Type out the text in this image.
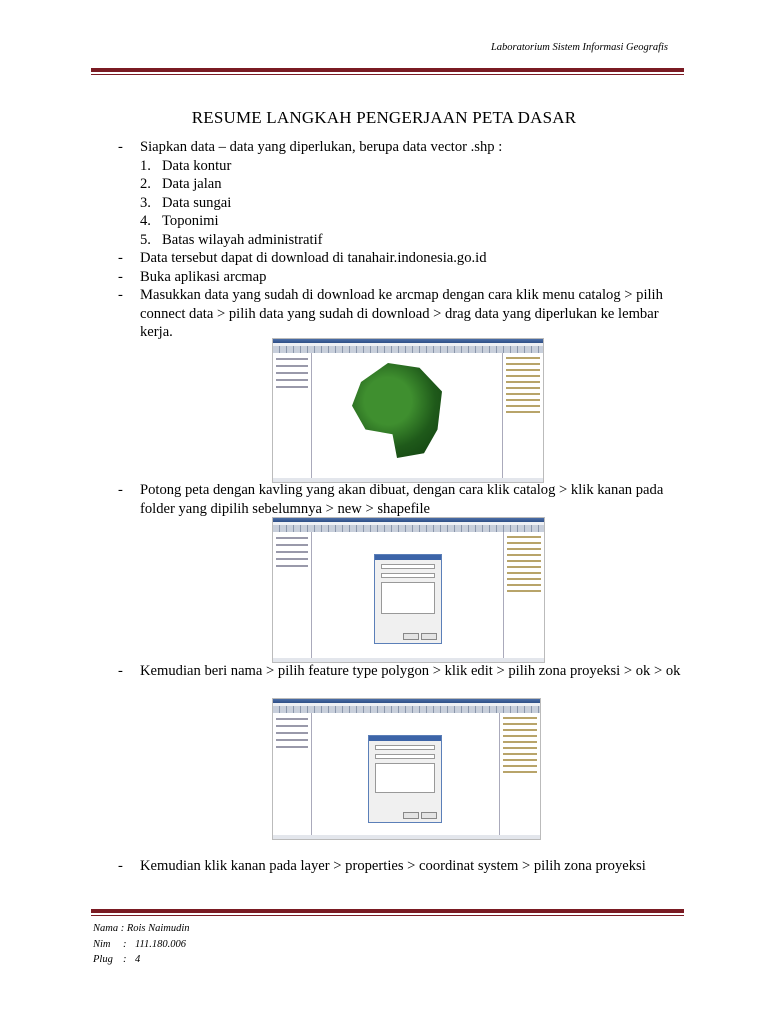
Laboratorium Sistem Informasi Geografis
RESUME LANGKAH PENGERJAAN PETA DASAR
-	Siapkan data – data yang diperlukan, berupa data vector .shp :
1. Data kontur
2. Data jalan
3. Data sungai
4. Toponimi
5. Batas wilayah administratif
-	Data tersebut dapat di download di tanahair.indonesia.go.id
-	Buka aplikasi arcmap
-	Masukkan data yang sudah di download ke arcmap dengan cara klik menu catalog > pilih connect data > pilih data yang sudah di download > drag data yang diperlukan ke lembar kerja.
-	Potong peta dengan kavling yang akan dibuat, dengan cara klik catalog > klik kanan pada folder yang dipilih sebelumnya > new > shapefile
-	Kemudian beri nama > pilih feature type polygon > klik edit > pilih zona proyeksi > ok > ok
-	Kemudian klik kanan pada layer > properties > coordinat system > pilih zona proyeksi
Nama :
Rois Naimudin
Nim	: 111.180.006
Plug : 4
